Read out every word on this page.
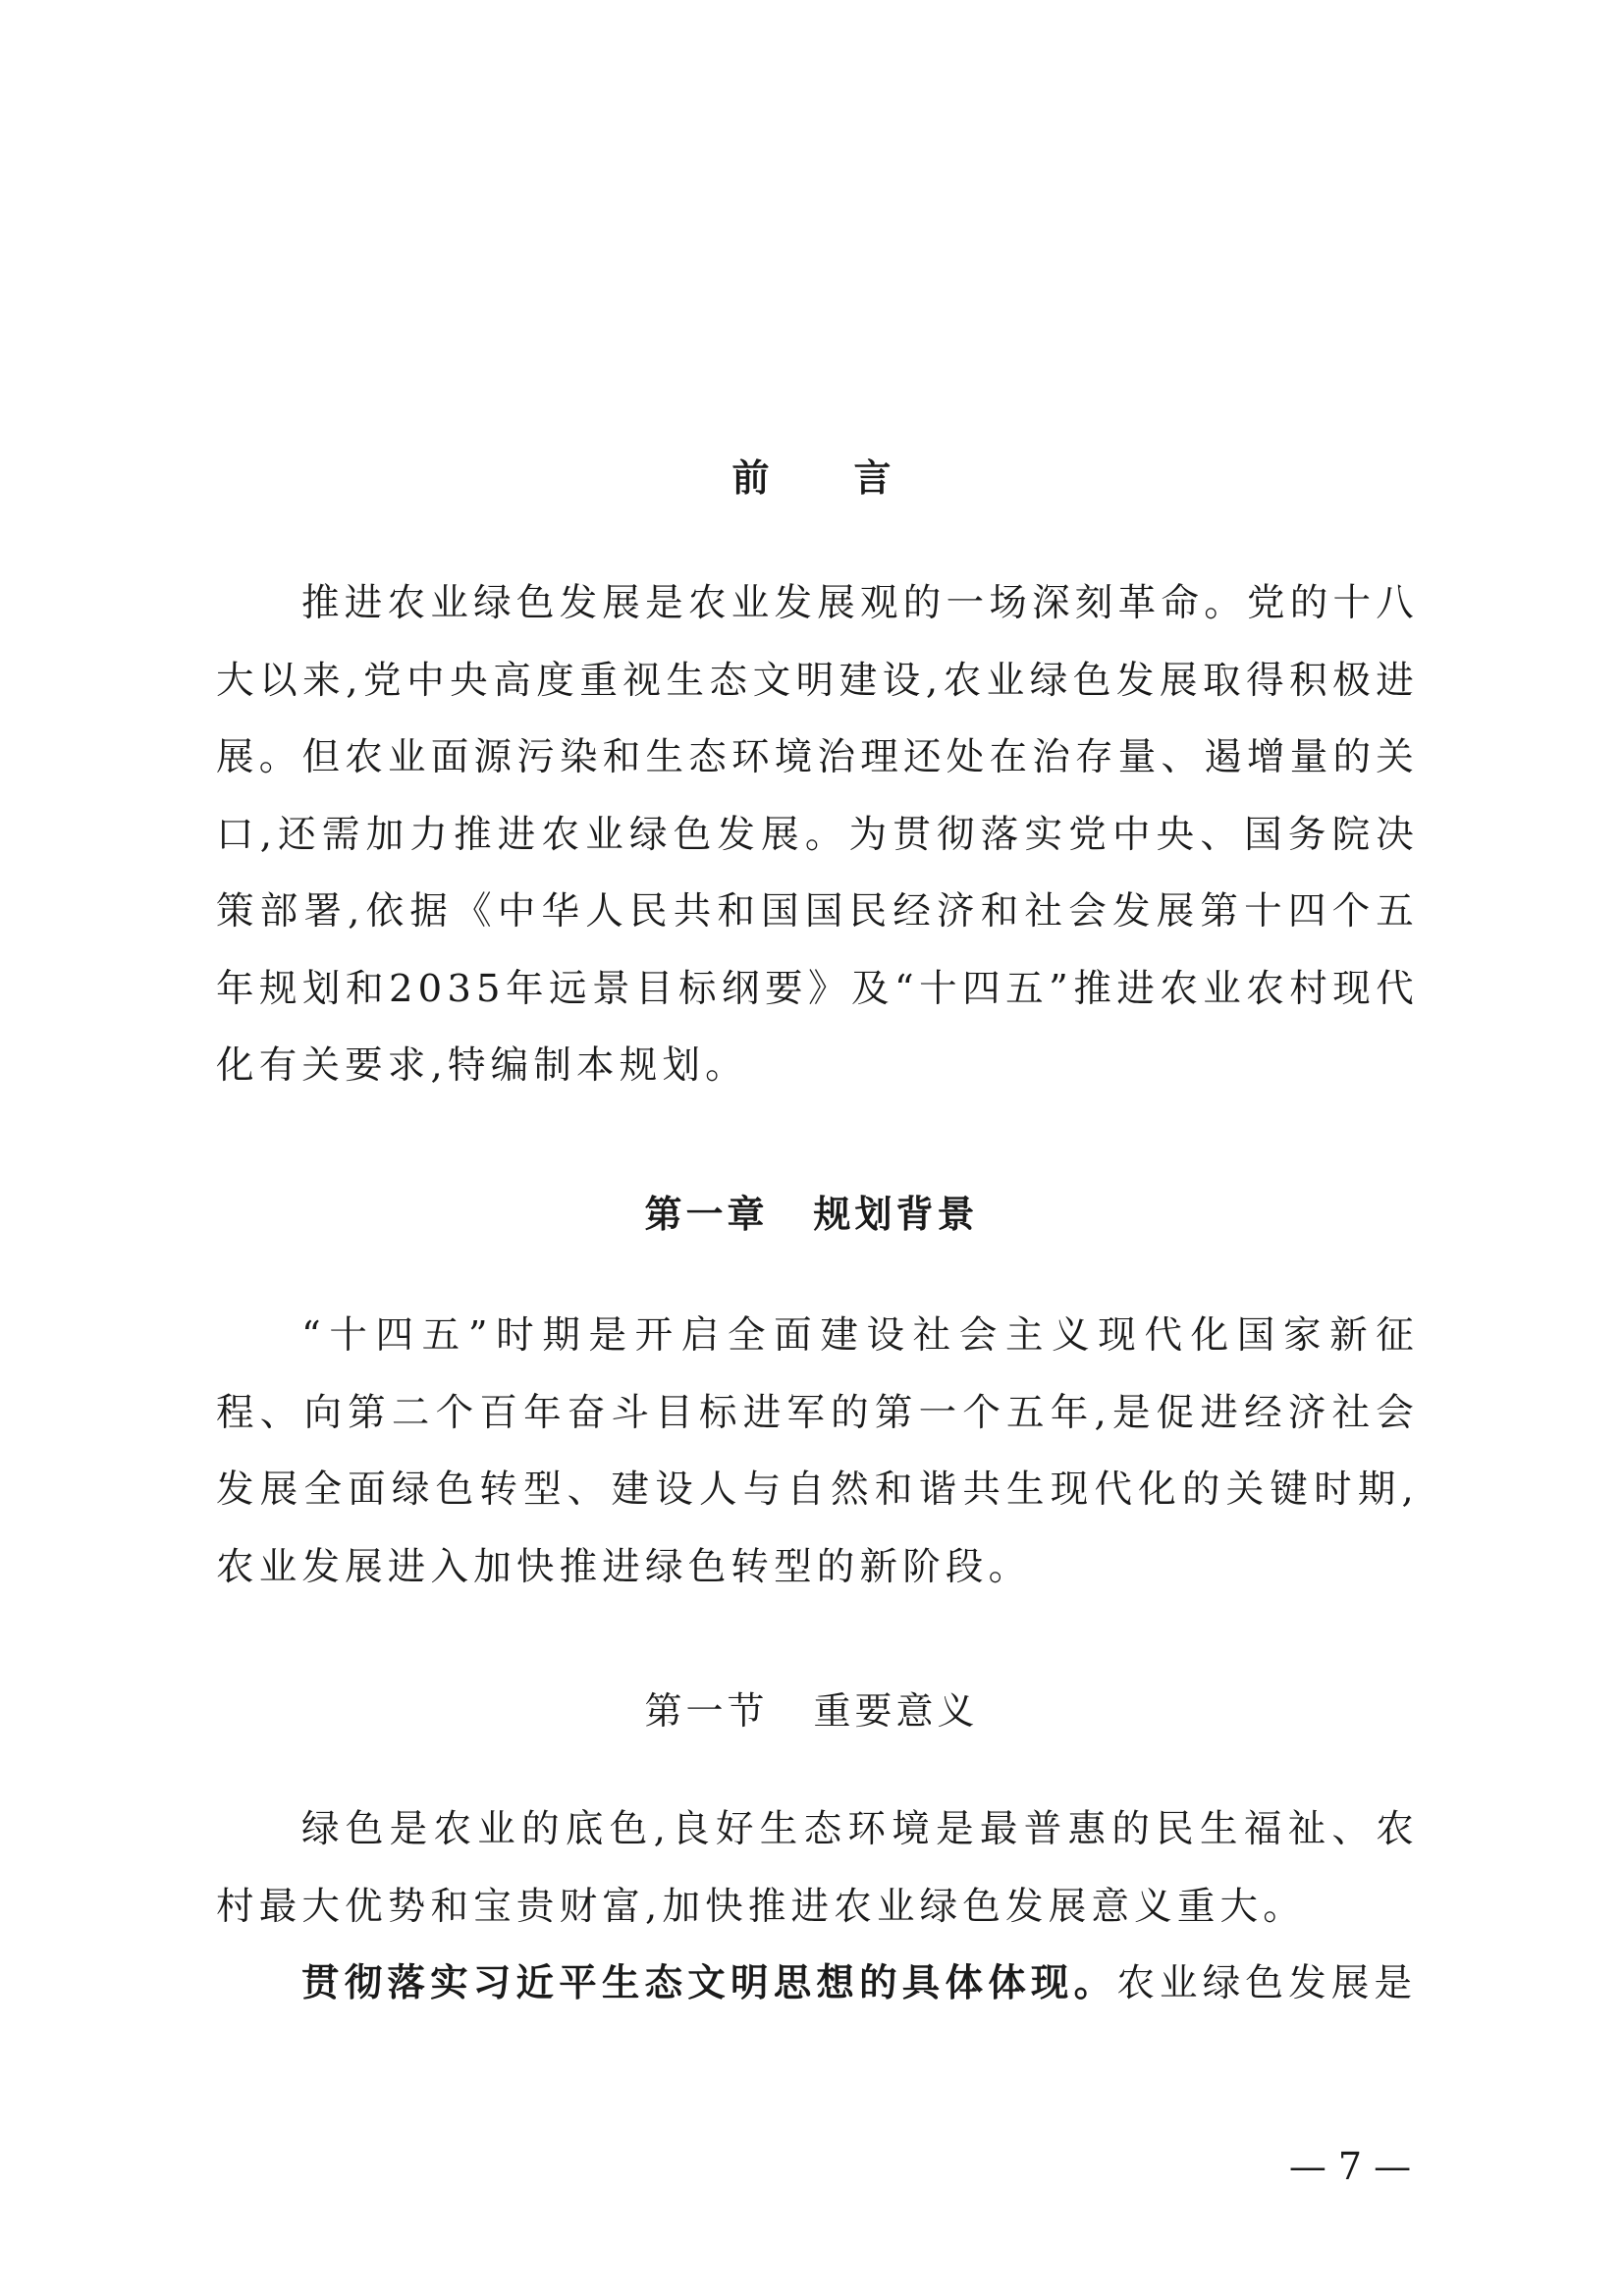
前言

推进农业绿色发展是农业发展观的一场深刻革命。党的十八大以来,党中央高度重视生态文明建设,农业绿色发展取得积极进展。但农业面源污染和生态环境治理还处在治存量、遏增量的关口,还需加力推进农业绿色发展。为贯彻落实党中央、国务院决策部署,依据《中华人民共和国国民经济和社会发展第十四个五年规划和2035年远景目标纲要》及“十四五”推进农业农村现代化有关要求,特编制本规划。

第一章 规划背景

“十四五”时期是开启全面建设社会主义现代化国家新征程、向第二个百年奋斗目标进军的第一个五年,是促进经济社会发展全面绿色转型、建设人与自然和谐共生现代化的关键时期,农业发展进入加快推进绿色转型的新阶段。

第一节 重要意义

绿色是农业的底色,良好生态环境是最普惠的民生福祉、农村最大优势和宝贵财富,加快推进农业绿色发展意义重大。

贯彻落实习近平生态文明思想的具体体现。农业绿色发展是

— 7 —
